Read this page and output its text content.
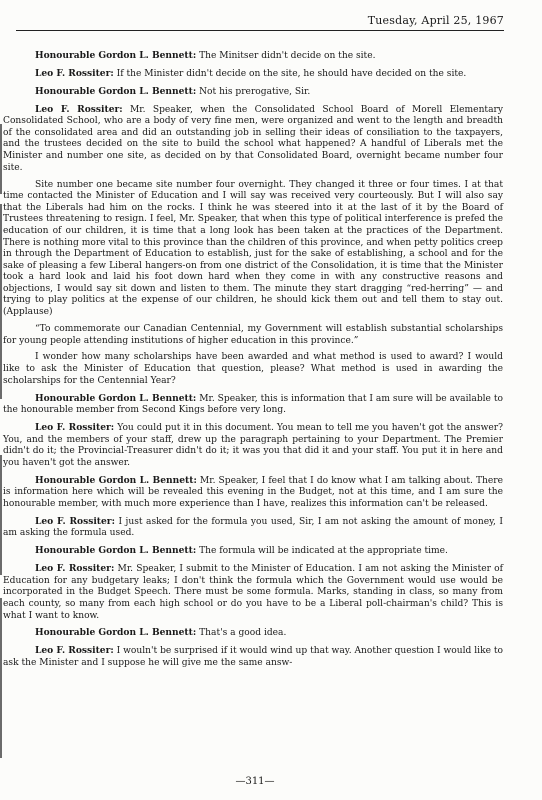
Tuesday, April 25, 1967

Honourable Gordon L. Bennett: The Minitser didn't decide on the site.

Leo F. Rossiter: If the Minister didn't decide on the site, he should have decided on the site.

Honourable Gordon L. Bennett: Not his prerogative, Sir.

Leo F. Rossiter: Mr. Speaker, when the Consolidated School Board of Morell Elementary Consolidated School, who are a body of very fine men, were organized and went to the length and breadth of the consolidated area and did an outstanding job in selling their ideas of consiliation to the taxpayers, and the trustees decided on the site to build the school what happened? A handful of Liberals met the Minister and number one site, as decided on by that Consolidated Board, overnight became number four site.

Site number one became site number four overnight. They changed it three or four times. I at that time contacted the Minister of Education and I will say was received very courteously. But I will also say that the Liberals had him on the rocks. I think he was steered into it at the last of it by the Board of Trustees threatening to resign. I feel, Mr. Speaker, that when this type of political interference is prefed the education of our children, it is time that a long look has been taken at the practices of the Department. There is nothing more vital to this province than the children of this province, and when petty politics creep in through the Department of Education to establish, just for the sake of establishing, a school and for the sake of pleasing a few Liberal hangers-on from one district of the Consolidation, it is time that the Minister took a hard look and laid his foot down hard when they come in with any constructive reasons and objections, I would say sit down and listen to them. The minute they start dragging “red-herring” — and trying to play politics at the expense of our children, he should kick them out and tell them to stay out. (Applause)

“To commemorate our Canadian Centennial, my Government will establish substantial scholarships for young people attending institutions of higher education in this province.”

I wonder how many scholarships have been awarded and what method is used to award? I would like to ask the Minister of Education that question, please? What method is used in awarding the scholarships for the Centennial Year?

Honourable Gordon L. Bennett: Mr. Speaker, this is information that I am sure will be available to the honourable member from Second Kings before very long.

Leo F. Rossiter: You could put it in this document. You mean to tell me you haven't got the answer? You, and the members of your staff, drew up the paragraph pertaining to your Department. The Premier didn't do it; the Provincial-Treasurer didn't do it; it was you that did it and your staff. You put it in here and you haven't got the answer.

Honourable Gordon L. Bennett: Mr. Speaker, I feel that I do know what I am talking about. There is information here which will be revealed this evening in the Budget, not at this time, and I am sure the honourable member, with much more experience than I have, realizes this information can't be released.

Leo F. Rossiter: I just asked for the formula you used, Sir, I am not asking the amount of money, I am asking the formula used.

Honourable Gordon L. Bennett: The formula will be indicated at the appropriate time.

Leo F. Rossiter: Mr. Speaker, I submit to the Minister of Education. I am not asking the Minister of Education for any budgetary leaks; I don't think the formula which the Government would use would be incorporated in the Budget Speech. There must be some formula. Marks, standing in class, so many from each county, so many from each high school or do you have to be a Liberal poll-chairman's child? This is what I want to know.

Honourable Gordon L. Bennett: That's a good idea.

Leo F. Rossiter: I wouln't be surprised if it would wind up that way. Another question I would like to ask the Minister and I suppose he will give me the same answ-

—311—
